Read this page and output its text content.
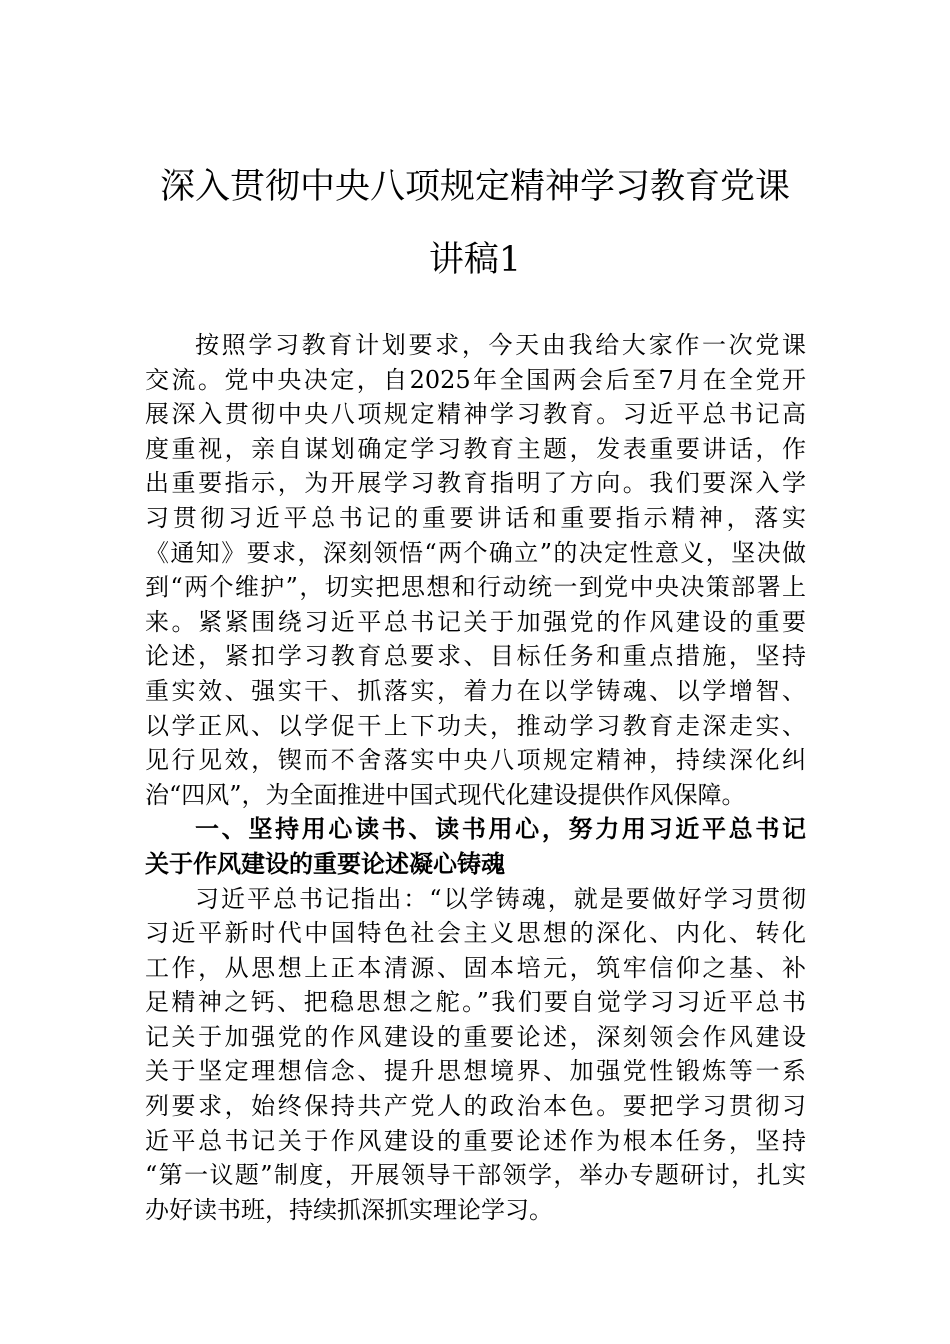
深入贯彻中央八项规定精神学习教育党课
讲稿1
按照学习教育计划要求，今天由我给大家作一次党课
交流。党中央决定，自2025年全国两会后至7月在全党开
展深入贯彻中央八项规定精神学习教育。习近平总书记高
度重视，亲自谋划确定学习教育主题，发表重要讲话，作
出重要指示，为开展学习教育指明了方向。我们要深入学
习贯彻习近平总书记的重要讲话和重要指示精神，落实
《通知》要求，深刻领悟“两个确立”的决定性意义，坚决做
到“两个维护”，切实把思想和行动统一到党中央决策部署上
来。紧紧围绕习近平总书记关于加强党的作风建设的重要
论述，紧扣学习教育总要求、目标任务和重点措施，坚持
重实效、强实干、抓落实，着力在以学铸魂、以学增智、
以学正风、以学促干上下功夫，推动学习教育走深走实、
见行见效，锲而不舍落实中央八项规定精神，持续深化纠
治“四风”，为全面推进中国式现代化建设提供作风保障。
一、坚持用心读书、读书用心，努力用习近平总书记
关于作风建设的重要论述凝心铸魂
习近平总书记指出：“以学铸魂，就是要做好学习贯彻
习近平新时代中国特色社会主义思想的深化、内化、转化
工作，从思想上正本清源、固本培元，筑牢信仰之基、补
足精神之钙、把稳思想之舵。”我们要自觉学习习近平总书
记关于加强党的作风建设的重要论述，深刻领会作风建设
关于坚定理想信念、提升思想境界、加强党性锻炼等一系
列要求，始终保持共产党人的政治本色。要把学习贯彻习
近平总书记关于作风建设的重要论述作为根本任务，坚持
“第一议题”制度，开展领导干部领学，举办专题研讨，扎实
办好读书班，持续抓深抓实理论学习。
